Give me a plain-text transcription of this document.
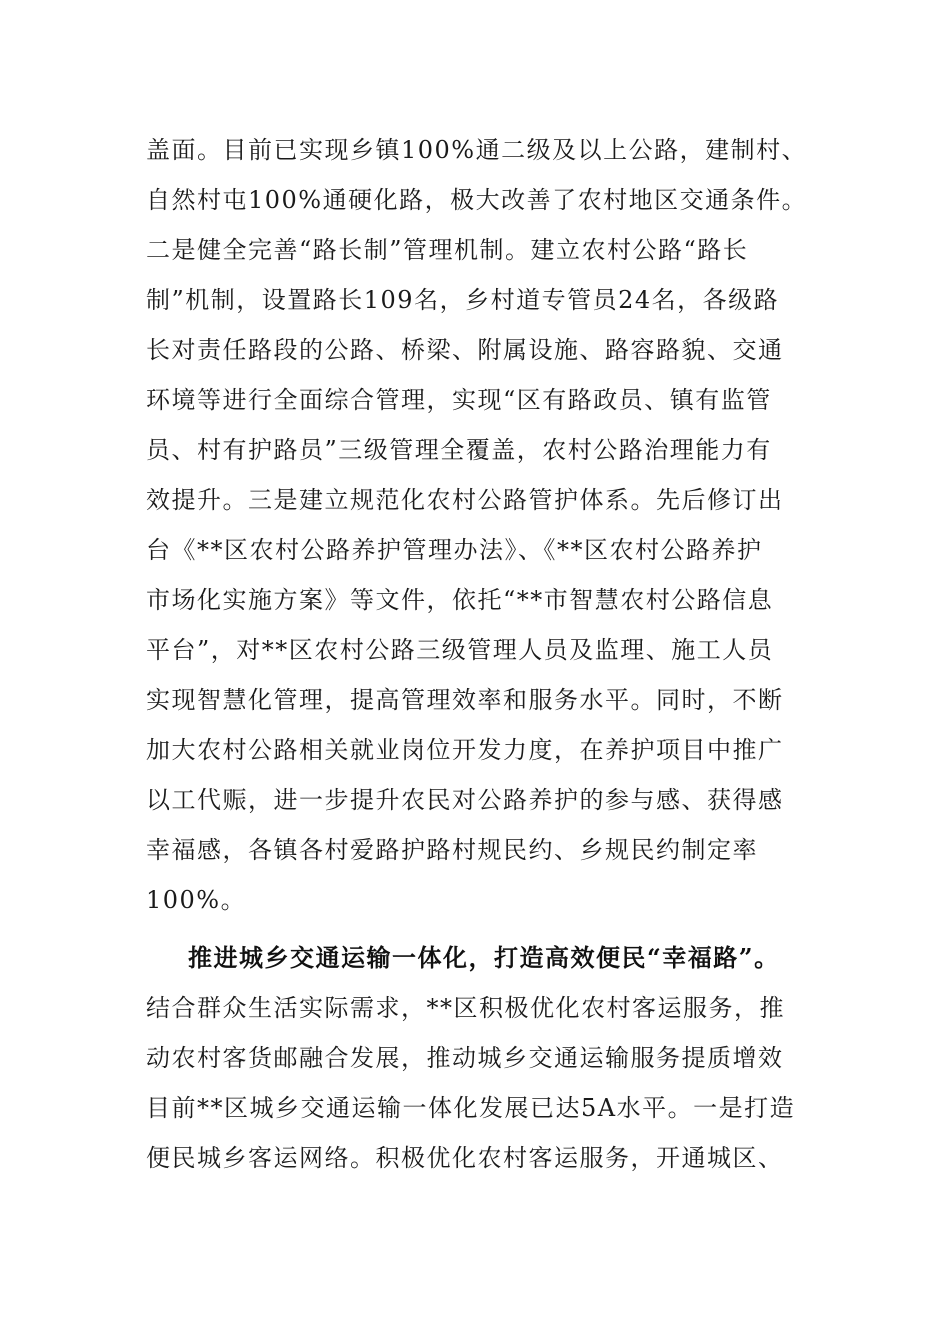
盖面。目前已实现乡镇100%通二级及以上公路，建制村、
自然村屯100%通硬化路，极大改善了农村地区交通条件。
二是健全完善“路长制”管理机制。建立农村公路“路长
制”机制，设置路长109名，乡村道专管员24名，各级路
长对责任路段的公路、桥梁、附属设施、路容路貌、交通
环境等进行全面综合管理，实现“区有路政员、镇有监管
员、村有护路员”三级管理全覆盖，农村公路治理能力有
效提升。三是建立规范化农村公路管护体系。先后修订出
台《**区农村公路养护管理办法》、《**区农村公路养护
市场化实施方案》等文件，依托“**市智慧农村公路信息
平台”，对**区农村公路三级管理人员及监理、施工人员
实现智慧化管理，提高管理效率和服务水平。同时，不断
加大农村公路相关就业岗位开发力度，在养护项目中推广
以工代赈，进一步提升农民对公路养护的参与感、获得感
幸福感，各镇各村爱路护路村规民约、乡规民约制定率
100%。
推进城乡交通运输一体化，打造高效便民“幸福路”。
结合群众生活实际需求，**区积极优化农村客运服务，推
动农村客货邮融合发展，推动城乡交通运输服务提质增效
目前**区城乡交通运输一体化发展已达5A水平。一是打造
便民城乡客运网络。积极优化农村客运服务，开通城区、
